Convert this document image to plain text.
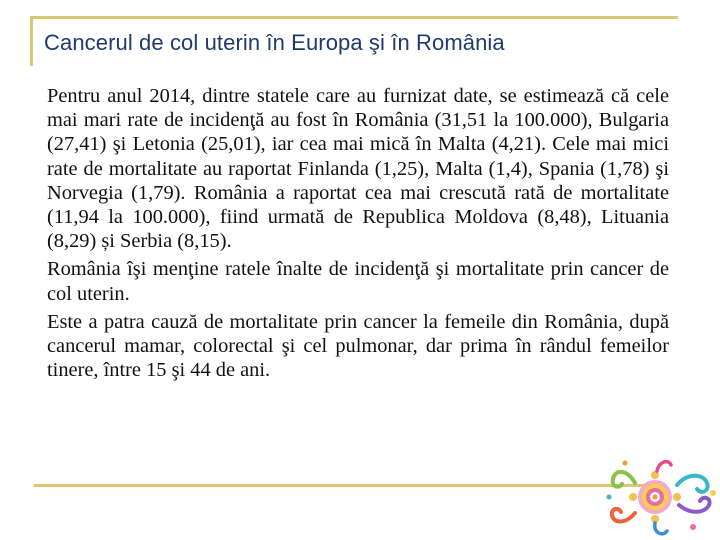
Cancerul de col uterin în Europa şi în România

Pentru anul 2014, dintre statele care au furnizat date, se estimează că cele mai mari rate de incidenţă au fost în România (31,51 la 100.000), Bulgaria (27,41) şi Letonia (25,01), iar cea mai mică în Malta (4,21). Cele mai mici rate de mortalitate au raportat Finlanda (1,25), Malta (1,4), Spania (1,78) şi Norvegia (1,79). România a raportat cea mai crescută rată de mortalitate (11,94 la 100.000), fiind urmată de Republica Moldova (8,48), Lituania (8,29) și Serbia (8,15).

România îşi menţine ratele înalte de incidenţă şi mortalitate prin cancer de col uterin.

Este a patra cauză de mortalitate prin cancer la femeile din România, după cancerul mamar, colorectal şi cel pulmonar, dar prima în rândul femeilor tinere, între 15 şi 44 de ani.
